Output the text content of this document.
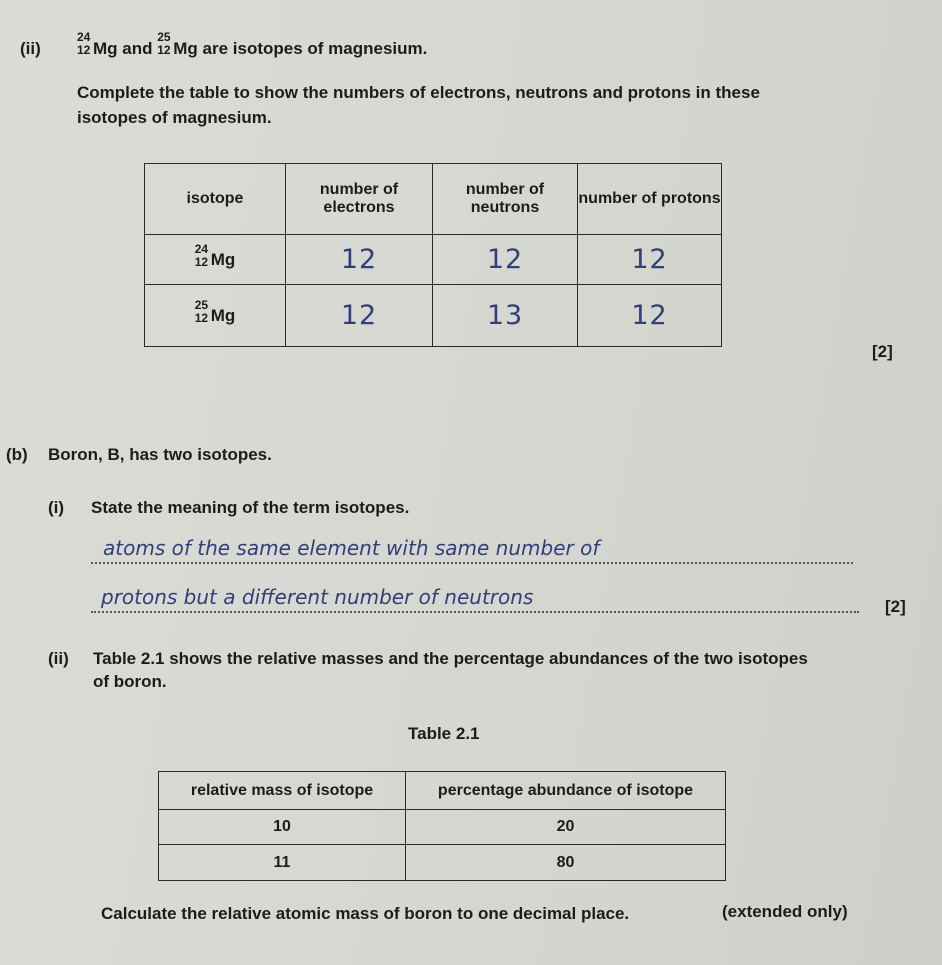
(ii)
24
12 Mg and
25
12 Mg are isotopes of magnesium.
Complete the table to show the numbers of electrons, neutrons and protons in these
isotopes of magnesium.
isotope	number of electrons	number of neutrons	number of protons

24
12 Mg	12	12	12

25
12 Mg	12	13	12
[2]
(b) Boron, B, has two isotopes.
(i) State the meaning of the term isotopes.
atoms of the same element with same number of
protons but a different number of neutrons	[2]
(ii) Table 2.1 shows the relative masses and the percentage abundances of the two isotopes
of boron.
Table 2.1
relative mass of isotope	percentage abundance of isotope
10	20
11	80
Calculate the relative atomic mass of boron to one decimal place.	(extended only)
